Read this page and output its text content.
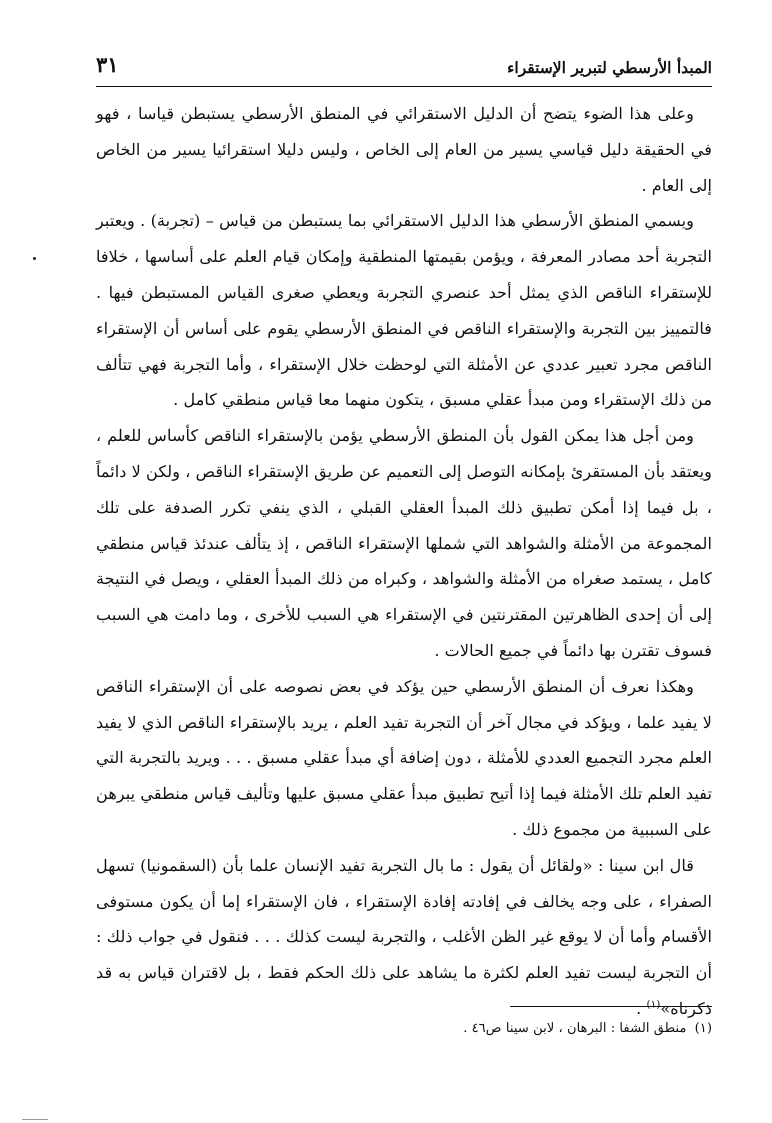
المبدأ الأرسطي لتبرير الإستقراء
٣١

وعلى هذا الضوء يتضح أن الدليل الاستقرائي في المنطق الأرسطي يستبطن قياسا ، فهو في الحقيقة دليل قياسي يسير من العام إلى الخاص ، وليس دليلا استقرائيا يسير من الخاص إلى العام .

ويسمي المنطق الأرسطي هذا الدليل الاستقرائي بما يستبطن من قياس – (تجربة) . ويعتبر التجربة أحد مصادر المعرفة ، ويؤمن بقيمتها المنطقية وإمكان قيام العلم على أساسها ، خلافا للإستقراء الناقص الذي يمثل أحد عنصري التجربة ويعطي صغرى القياس المستبطن فيها . فالتمييز بين التجربة والإستقراء الناقص في المنطق الأرسطي يقوم على أساس أن الإستقراء الناقص مجرد تعبير عددي عن الأمثلة التي لوحظت خلال الإستقراء ، وأما التجربة فهي تتألف من ذلك الإستقراء ومن مبدأ عقلي مسبق ، يتكون منهما معا قياس منطقي كامل .

ومن أجل هذا يمكن القول بأن المنطق الأرسطي يؤمن بالإستقراء الناقص كأساس للعلم ، ويعتقد بأن المستقرئ بإمكانه التوصل إلى التعميم عن طريق الإستقراء الناقص ، ولكن لا دائماً ، بل فيما إذا أمكن تطبيق ذلك المبدأ العقلي القبلي ، الذي ينفي تكرر الصدفة على تلك المجموعة من الأمثلة والشواهد التي شملها الإستقراء الناقص ، إذ يتألف عندئذ قياس منطقي كامل ، يستمد صغراه من الأمثلة والشواهد ، وكبراه من ذلك المبدأ العقلي ، ويصل في النتيجة إلى أن إحدى الظاهرتين المقترنتين في الإستقراء هي السبب للأخرى ، وما دامت هي السبب فسوف تقترن بها دائماً في جميع الحالات .

وهكذا نعرف أن المنطق الأرسطي حين يؤكد في بعض نصوصه على أن الإستقراء الناقص لا يفيد علما ، ويؤكد في مجال آخر أن التجربة تفيد العلم ، يريد بالإستقراء الناقص الذي لا يفيد العلم مجرد التجميع العددي للأمثلة ، دون إضافة أي مبدأ عقلي مسبق . . . ويريد بالتجربة التي تفيد العلم تلك الأمثلة فيما إذا أتيح تطبيق مبدأ عقلي مسبق عليها وتأليف قياس منطقي يبرهن على السببية من مجموع ذلك .

قال ابن سينا : «ولقائل أن يقول : ما بال التجربة تفيد الإنسان علما بأن (السقمونيا) تسهل الصفراء ، على وجه يخالف في إفادته إفادة الإستقراء ، فان الإستقراء إما أن يكون مستوفى الأقسام وأما أن لا يوقع غير الظن الأغلب ، والتجربة ليست كذلك . . . فنقول في جواب ذلك : أن التجربة ليست تفيد العلم لكثرة ما يشاهد على ذلك الحكم فقط ، بل لاقتران قياس به قد ذكرناه»$^{(١)}$ .

(١)منطق الشفا : البرهان ، لابن سينا ص٤٦ .
